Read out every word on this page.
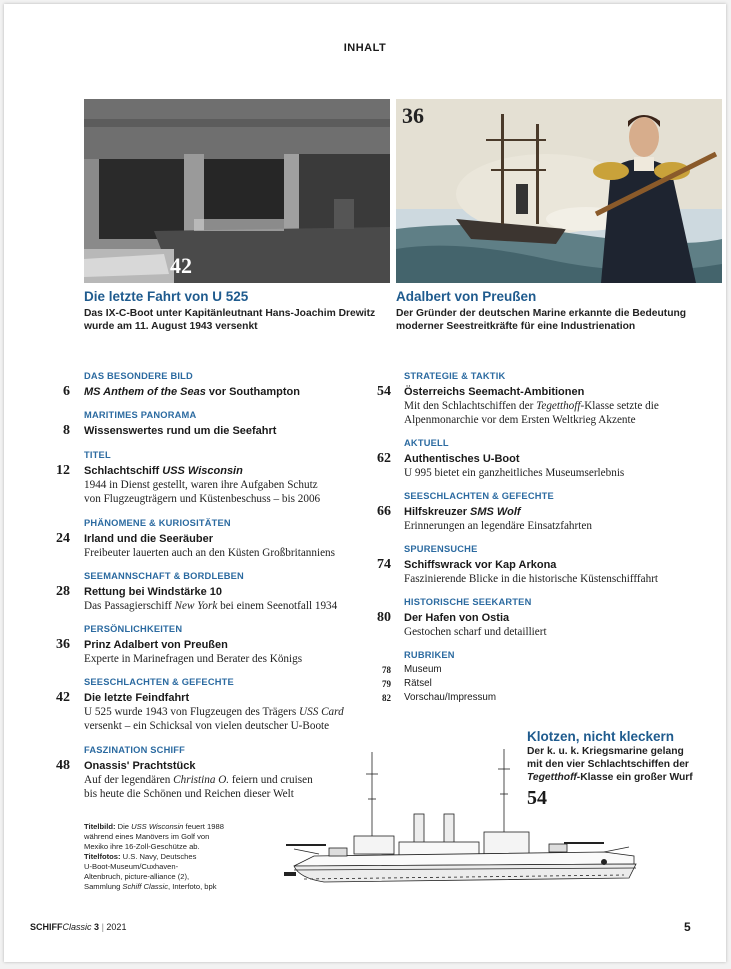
INHALT
42
36
Die letzte Fahrt von U 525
Das IX-C-Boot unter Kapitänleutnant Hans-Joachim Drewitz
wurde am 11. August 1943 versenkt
Adalbert von Preußen
Der Gründer der deutschen Marine erkannte die Bedeutung
moderner Seestreitkräfte für eine Industrienation
DAS BESONDERE BILD
6 MS Anthem of the Seas vor Southampton
MARITIMES PANORAMA
8 Wissenswertes rund um die Seefahrt
TITEL
12 Schlachtschiff USS Wisconsin
1944 in Dienst gestellt, waren ihre Aufgaben Schutz
von Flugzeugträgern und Küstenbeschuss – bis 2006
PHÄNOMENE & KURIOSITÄTEN
24 Irland und die Seeräuber
Freibeuter lauerten auch an den Küsten Großbritanniens
SEEMANNSCHAFT & BORDLEBEN
28 Rettung bei Windstärke 10
Das Passagierschiff New York bei einem Seenotfall 1934
PERSÖNLICHKEITEN
36 Prinz Adalbert von Preußen
Experte in Marinefragen und Berater des Königs
SEESCHLACHTEN & GEFECHTE
42 Die letzte Feindfahrt
U 525 wurde 1943 von Flugzeugen des Trägers USS Card
versenkt – ein Schicksal von vielen deutscher U-Boote
FASZINATION SCHIFF
48 Onassis' Prachtstück
Auf der legendären Christina O. feiern und cruisen
bis heute die Schönen und Reichen dieser Welt
STRATEGIE & TAKTIK
54 Österreichs Seemacht-Ambitionen
Mit den Schlachtschiffen der Tegetthoff-Klasse setzte die
Alpenmonarchie vor dem Ersten Weltkrieg Akzente
AKTUELL
62 Authentisches U-Boot
U 995 bietet ein ganzheitliches Museumserlebnis
SEESCHLACHTEN & GEFECHTE
66 Hilfskreuzer SMS Wolf
Erinnerungen an legendäre Einsatzfahrten
SPURENSUCHE
74 Schiffswrack vor Kap Arkona
Faszinierende Blicke in die historische Küstenschifffahrt
HISTORISCHE SEEKARTEN
80 Der Hafen von Ostia
Gestochen scharf und detailliert
RUBRIKEN
78 Museum
79 Rätsel
82 Vorschau/Impressum
Klotzen, nicht kleckern
Der k. u. k. Kriegsmarine gelang
mit den vier Schlachtschiffen der
Tegetthoff-Klasse ein großer Wurf
54
Titelbild: Die USS Wisconsin feuert 1988
während eines Manövers im Golf von
Mexiko ihre 16-Zoll-Geschütze ab.
Titelfotos: U.S. Navy, Deutsches
U-Boot-Museum/Cuxhaven-
Altenbruch, picture-alliance (2),
Sammlung Schiff Classic, Interfoto, bpk
SCHIFFClassic 3 | 2021	5
